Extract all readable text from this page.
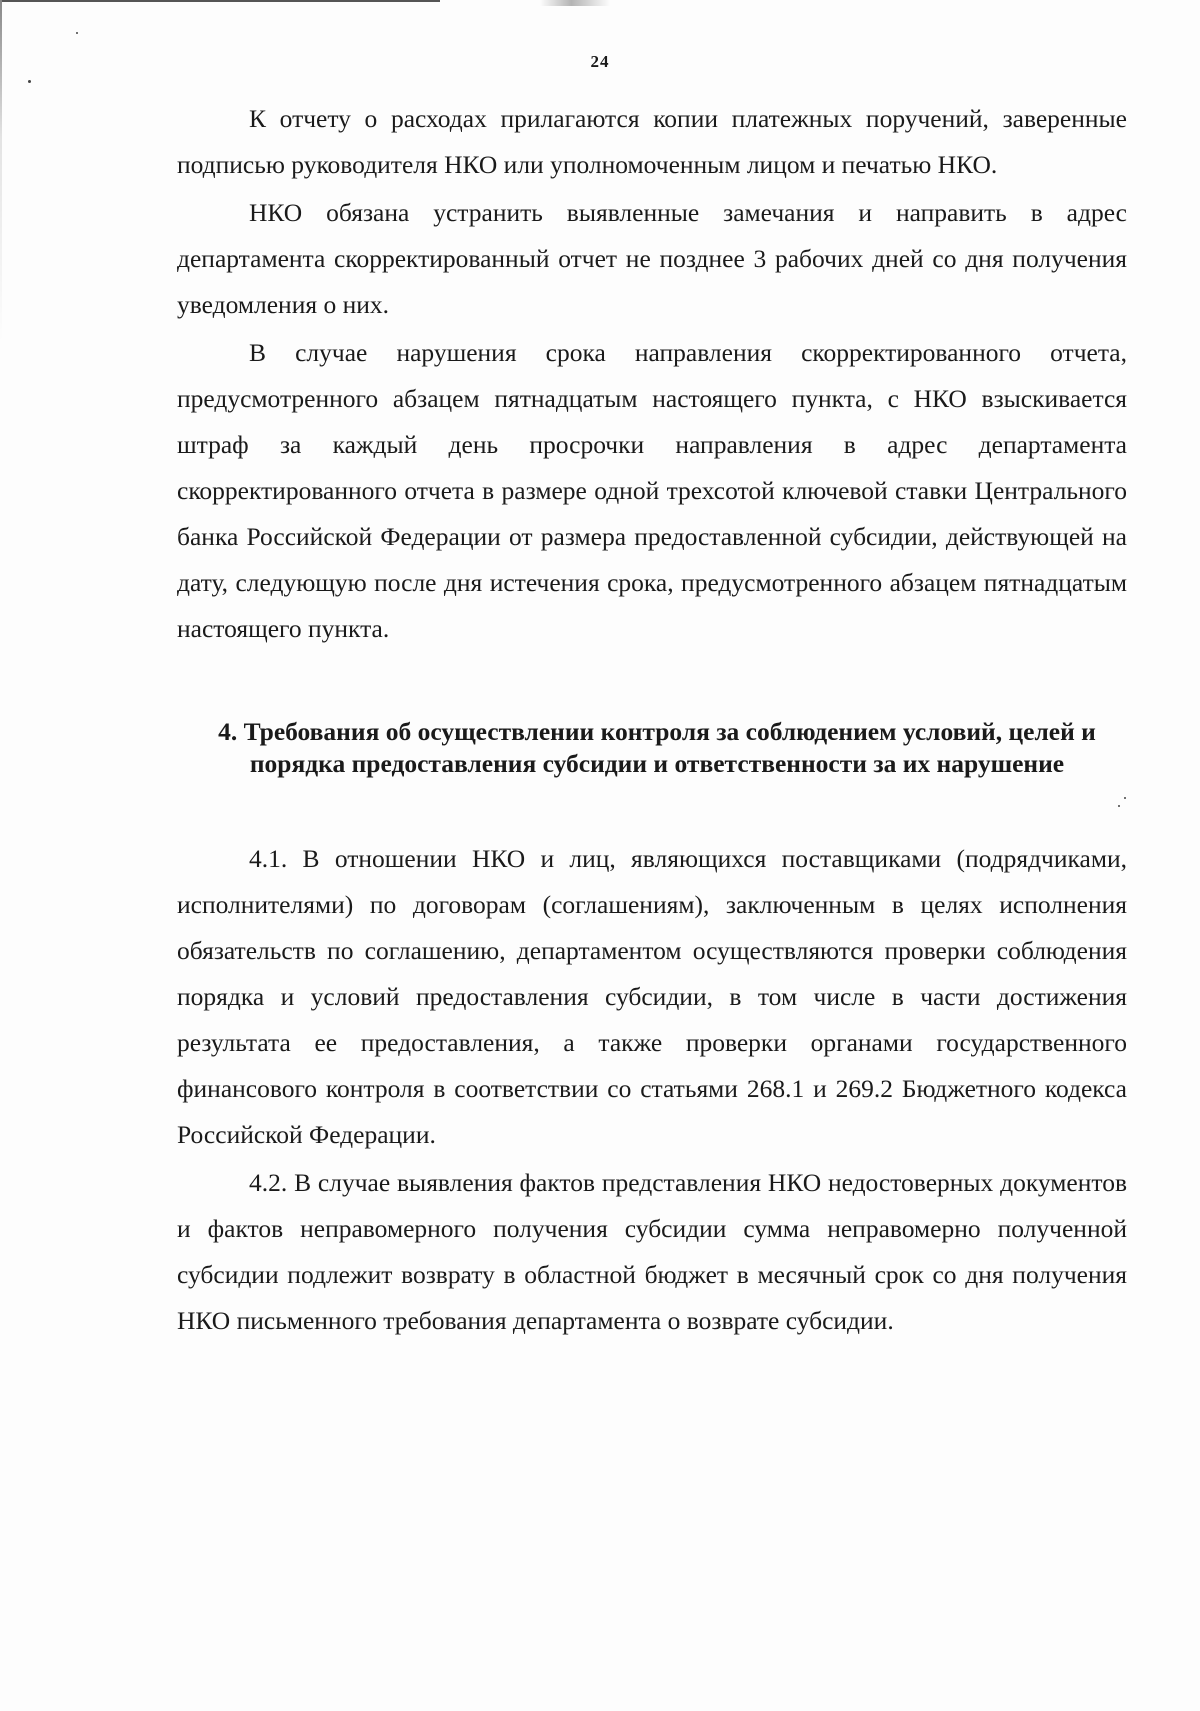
24

К отчету о расходах прилагаются копии платежных поручений, заверенные подписью руководителя НКО или уполномоченным лицом и печатью НКО.

НКО обязана устранить выявленные замечания и направить в адрес департамента скорректированный отчет не позднее 3 рабочих дней со дня получения уведомления о них.

В случае нарушения срока направления скорректированного отчета, предусмотренного абзацем пятнадцатым настоящего пункта, с НКО взыскивается штраф за каждый день просрочки направления в адрес департамента скорректированного отчета в размере одной трехсотой ключевой ставки Центрального банка Российской Федерации от размера предоставленной субсидии, действующей на дату, следующую после дня истечения срока, предусмотренного абзацем пятнадцатым настоящего пункта.

4. Требования об осуществлении контроля за соблюдением условий, целей и
порядка предоставления субсидии и ответственности за их нарушение

4.1. В отношении НКО и лиц, являющихся поставщиками (подрядчиками, исполнителями) по договорам (соглашениям), заключенным в целях исполнения обязательств по соглашению, департаментом осуществляются проверки соблюдения порядка и условий предоставления субсидии, в том числе в части достижения результата ее предоставления, а также проверки органами государственного финансового контроля в соответствии со статьями 268.1 и 269.2 Бюджетного кодекса Российской Федерации.

4.2. В случае выявления фактов представления НКО недостоверных документов и фактов неправомерного получения субсидии сумма неправомерно полученной субсидии подлежит возврату в областной бюджет в месячный срок со дня получения НКО письменного требования департамента о возврате субсидии.
